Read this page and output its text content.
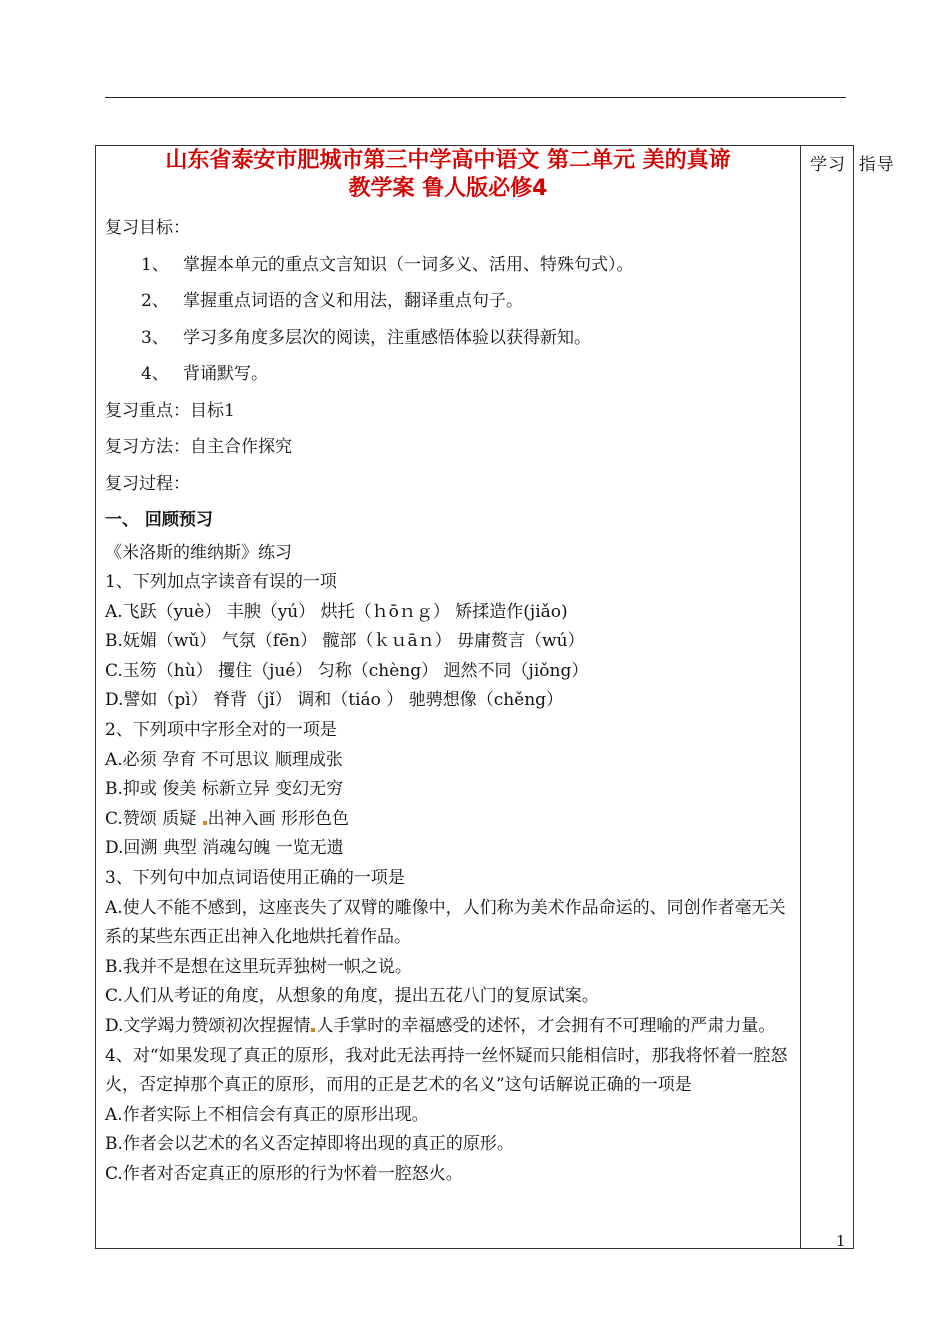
学习  指导
山东省泰安市肥城市第三中学高中语文 第二单元 美的真谛
教学案 鲁人版必修4
复习目标：
1、 掌握本单元的重点文言知识（一词多义、活用、特殊句式）。
2、 掌握重点词语的含义和用法，翻译重点句子。
3、 学习多角度多层次的阅读，注重感悟体验以获得新知。
4、 背诵默写。
复习重点：目标1
复习方法：自主合作探究
复习过程：
一、 回顾预习
《米洛斯的维纳斯》练习
1、下列加点字读音有误的一项
A.飞跃（yuè） 丰腴（yú） 烘托（ｈōｎｇ） 矫揉造作(jiǎo)
B.妩媚（wǔ） 气氛（fēn） 髋部（ｋｕāｎ） 毋庸赘言（wú）
C.玉笏（hù） 攫住（jué） 匀称（chèng） 迥然不同（jiǒng）
D.譬如（pì） 脊背（jǐ） 调和（tiáo ） 驰骋想像（chěng）
2、下列项中字形全对的一项是
A.必须 孕育 不可思议 顺理成张
B.抑或 俊美 标新立异 变幻无穷
C.赞颂 质疑 出神入画 形形色色
D.回溯 典型 消魂勾魄 一览无遗
3、下列句中加点词语使用正确的一项是
A.使人不能不感到，这座丧失了双臂的雕像中，人们称为美术作品命运的、同创作者毫无关系的某些东西正出神入化地烘托着作品。
B.我并不是想在这里玩弄独树一帜之说。
C.人们从考证的角度，从想象的角度，提出五花八门的复原试案。
D.文学竭力赞颂初次捏握情 人手掌时的幸福感受的述怀，才会拥有不可理喻的严肃力量。
4、对“如果发现了真正的原形，我对此无法再持一丝怀疑而只能相信时，那我将怀着一腔怒火，否定掉那个真正的原形，而用的正是艺术的名义”这句话解说正确的一项是
A.作者实际上不相信会有真正的原形出现。
B.作者会以艺术的名义否定掉即将出现的真正的原形。
C.作者对否定真正的原形的行为怀着一腔怒火。
1
